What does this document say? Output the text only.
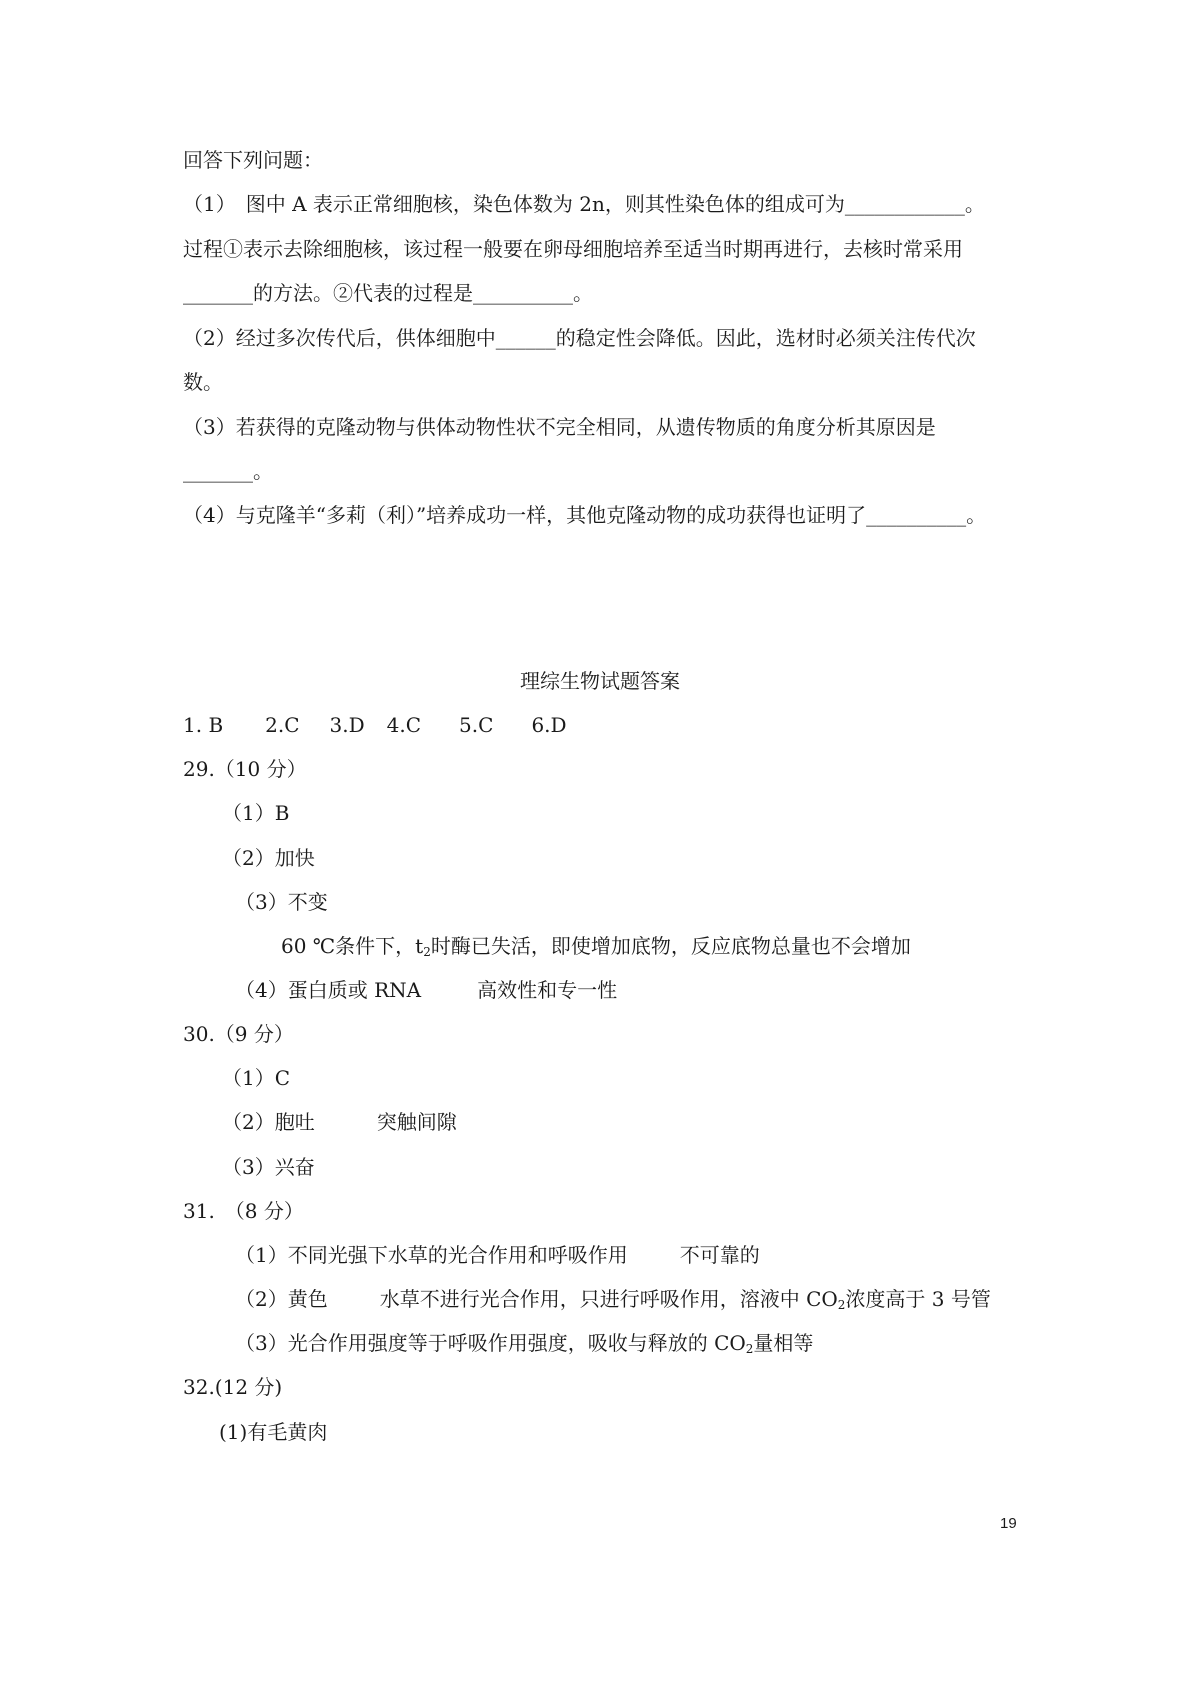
回答下列问题：
（1）　图中 A 表示正常细胞核，染色体数为 2n，则其性染色体的组成可为____________。
过程①表示去除细胞核，该过程一般要在卵母细胞培养至适当时期再进行，去核时常采用
_______的方法。②代表的过程是__________。
（2）经过多次传代后，供体细胞中______的稳定性会降低。因此，选材时必须关注传代次
数。
（3）若获得的克隆动物与供体动物性状不完全相同，从遗传物质的角度分析其原因是
_______。
（4）与克隆羊“多莉（利）”培养成功一样，其他克隆动物的成功获得也证明了__________。
理综生物试题答案
1. B 2.C 3.D 4.C 5.C 6.D
29.（10 分）
（1）B
（2）加快
（3）不变
60 ℃条件下，$t_2$时酶已失活，即使增加底物，反应底物总量也不会增加
（4）蛋白质或 RNA	高效性和专一性
30.（9 分）
（1）C
（2）胞吐	突触间隙
（3）兴奋
31.　（8 分）
（1）不同光强下水草的光合作用和呼吸作用	不可靠的
（2）黄色	水草不进行光合作用，只进行呼吸作用，溶液中 $CO_2$浓度高于 3 号管
（3）光合作用强度等于呼吸作用强度，吸收与释放的 $CO_2$量相等
32.(12 分)
(1)有毛黄肉
19
